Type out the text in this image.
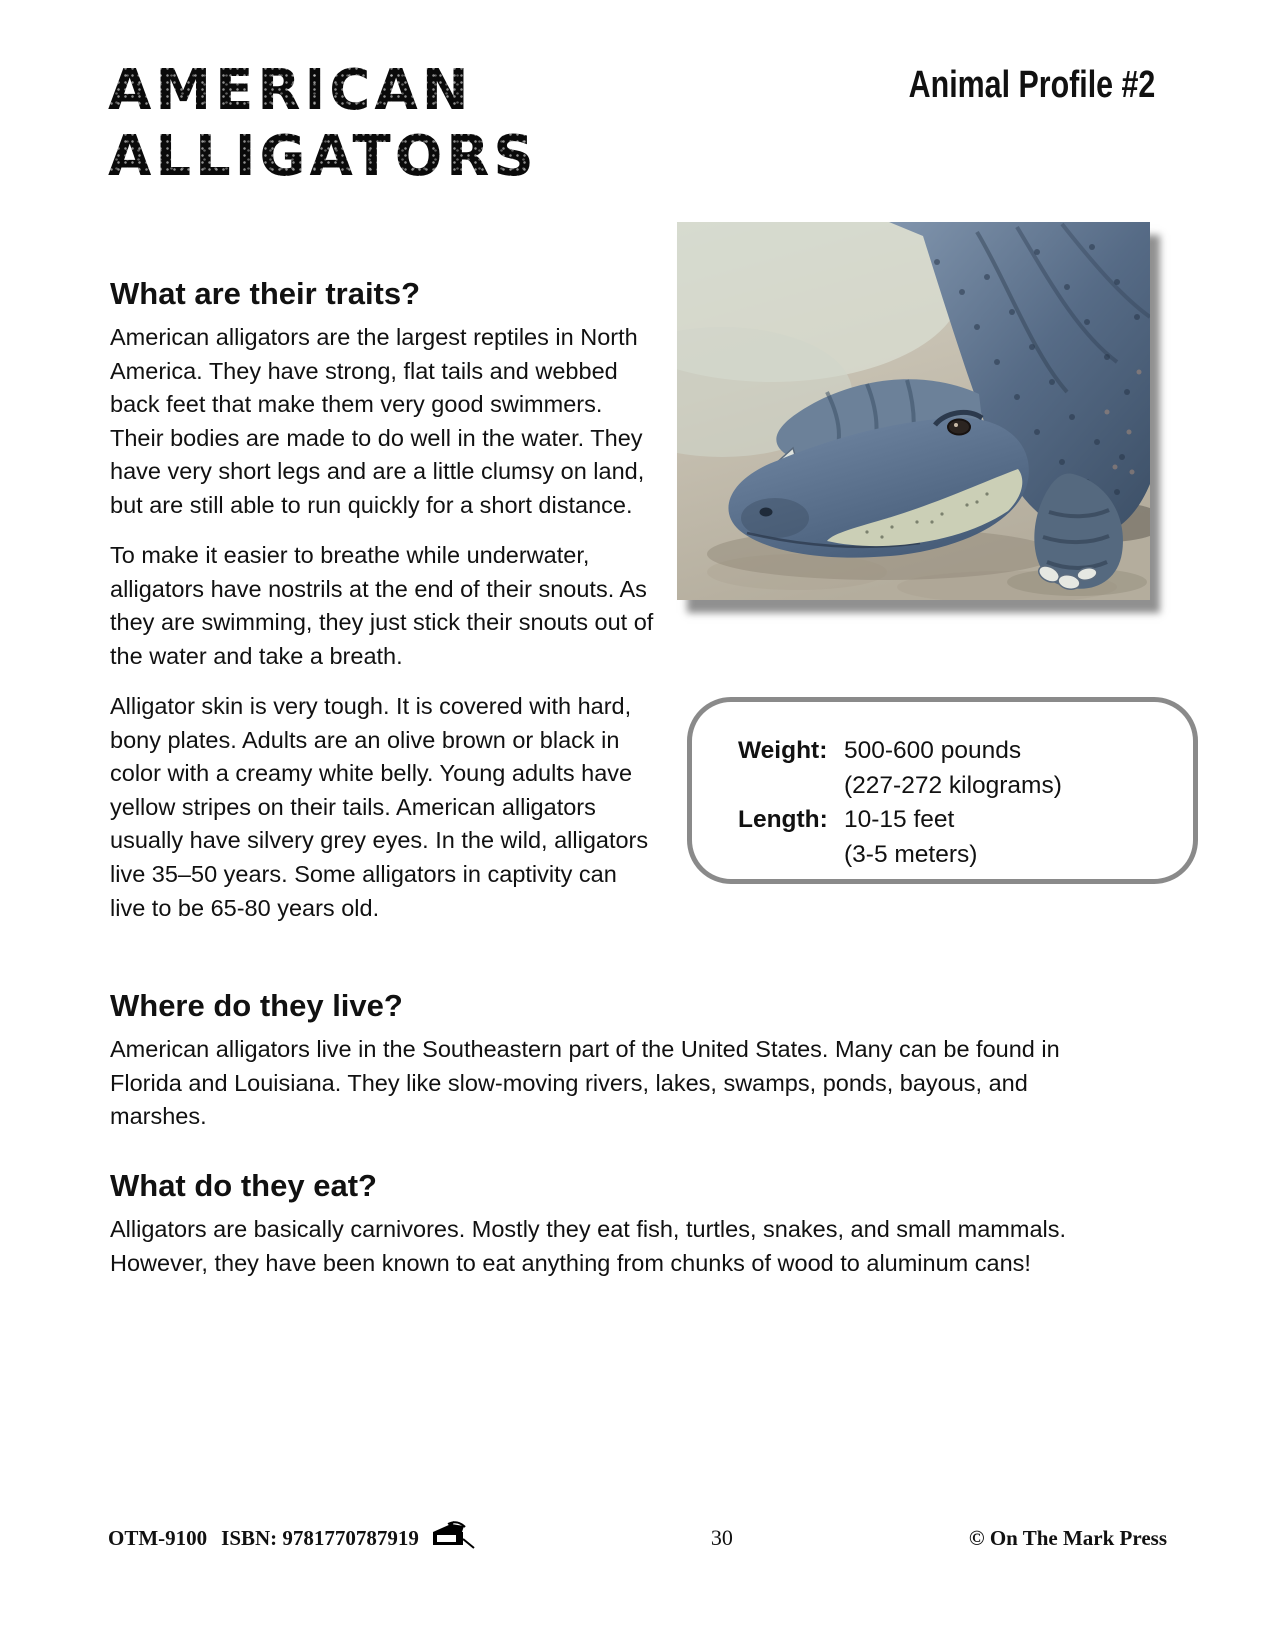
AMERICAN
ALLIGATORS
Animal Profile #2
Weight: 500-600 pounds
(227-272 kilograms)
Length: 10-15 feet
(3-5 meters)
What are their traits?

American alligators are the largest reptiles in North America. They have strong, flat tails and webbed back feet that make them very good swimmers. Their bodies are made to do well in the water. They have very short legs and are a little clumsy on land, but are still able to run quickly for a short distance.

To make it easier to breathe while underwater, alligators have nostrils at the end of their snouts. As they are swimming, they just stick their snouts out of the water and take a breath.

Alligator skin is very tough. It is covered with hard, bony plates. Adults are an olive brown or black in color with a creamy white belly. Young adults have yellow stripes on their tails. American alligators usually have silvery grey eyes. In the wild, alligators live 35–50 years. Some alligators in captivity can live to be 65-80 years old.

Where do they live?

American alligators live in the Southeastern part of the United States. Many can be found in Florida and Louisiana. They like slow-moving rivers, lakes, swamps, ponds, bayous, and marshes.

What do they eat?

Alligators are basically carnivores. Mostly they eat fish, turtles, snakes, and small mammals. However, they have been known to eat anything from chunks of wood to aluminum cans!

OTM-9100 ISBN: 9781770787919	30	© On The Mark Press
